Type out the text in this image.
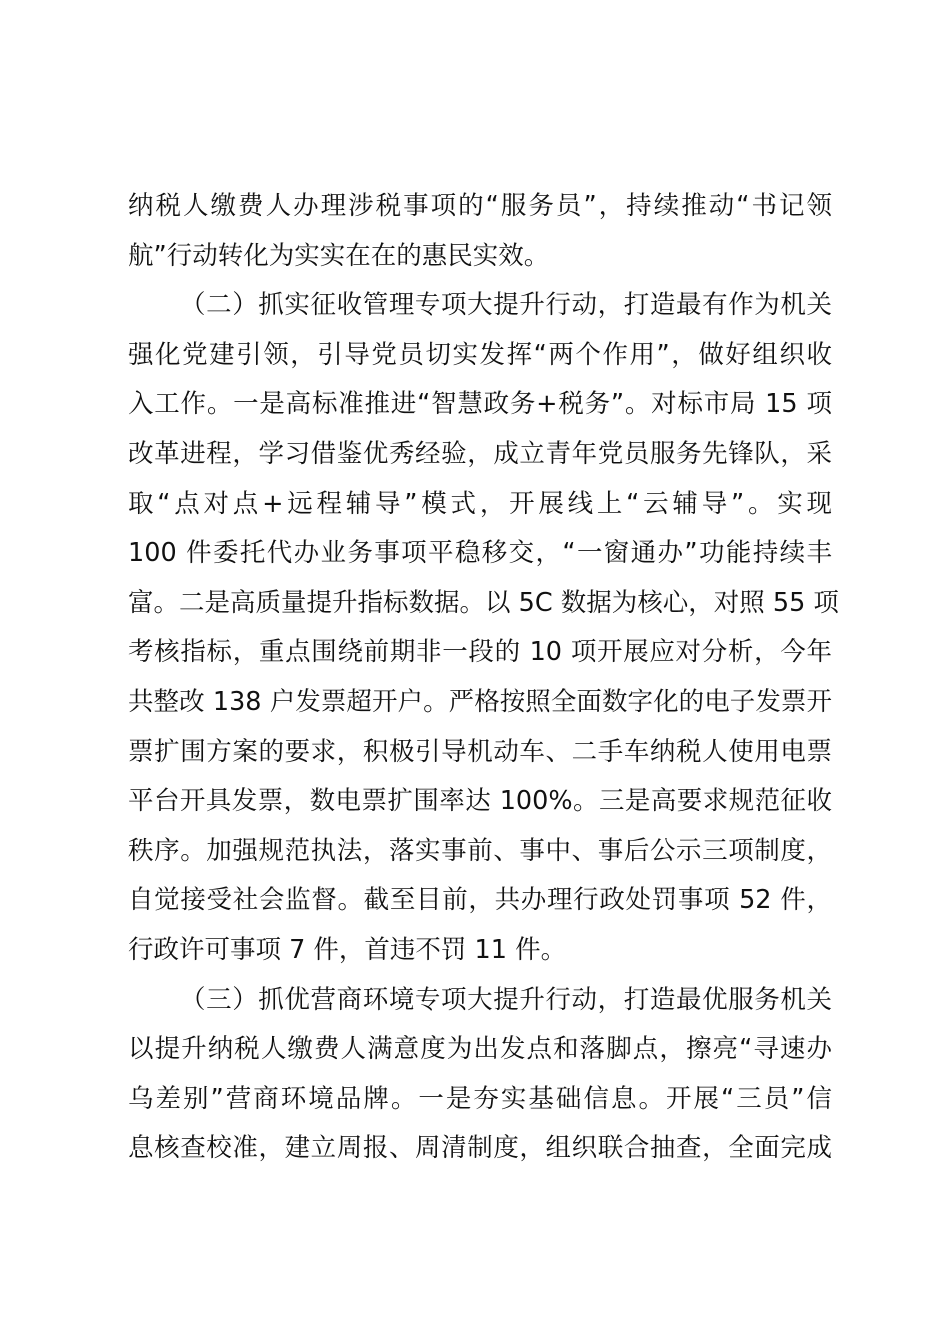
纳税人缴费人办理涉税事项的“服务员”，持续推动“书记领
航”行动转化为实实在在的惠民实效。
（二）抓实征收管理专项大提升行动，打造最有作为机关
强化党建引领，引导党员切实发挥“两个作用”，做好组织收
入工作。一是高标准推进“智慧政务+税务”。对标市局 15 项
改革进程，学习借鉴优秀经验，成立青年党员服务先锋队，采
取“点对点+远程辅导”模式，开展线上“云辅导”。实现
100 件委托代办业务事项平稳移交，“一窗通办”功能持续丰
富。二是高质量提升指标数据。以 5C 数据为核心，对照 55 项
考核指标，重点围绕前期非一段的 10 项开展应对分析，今年
共整改 138 户发票超开户。严格按照全面数字化的电子发票开
票扩围方案的要求，积极引导机动车、二手车纳税人使用电票
平台开具发票，数电票扩围率达 100%。三是高要求规范征收
秩序。加强规范执法，落实事前、事中、事后公示三项制度，
自觉接受社会监督。截至目前，共办理行政处罚事项 52 件，
行政许可事项 7 件，首违不罚 11 件。
（三）抓优营商环境专项大提升行动，打造最优服务机关
以提升纳税人缴费人满意度为出发点和落脚点，擦亮“寻速办
乌差别”营商环境品牌。一是夯实基础信息。开展“三员”信
息核查校准，建立周报、周清制度，组织联合抽查，全面完成
